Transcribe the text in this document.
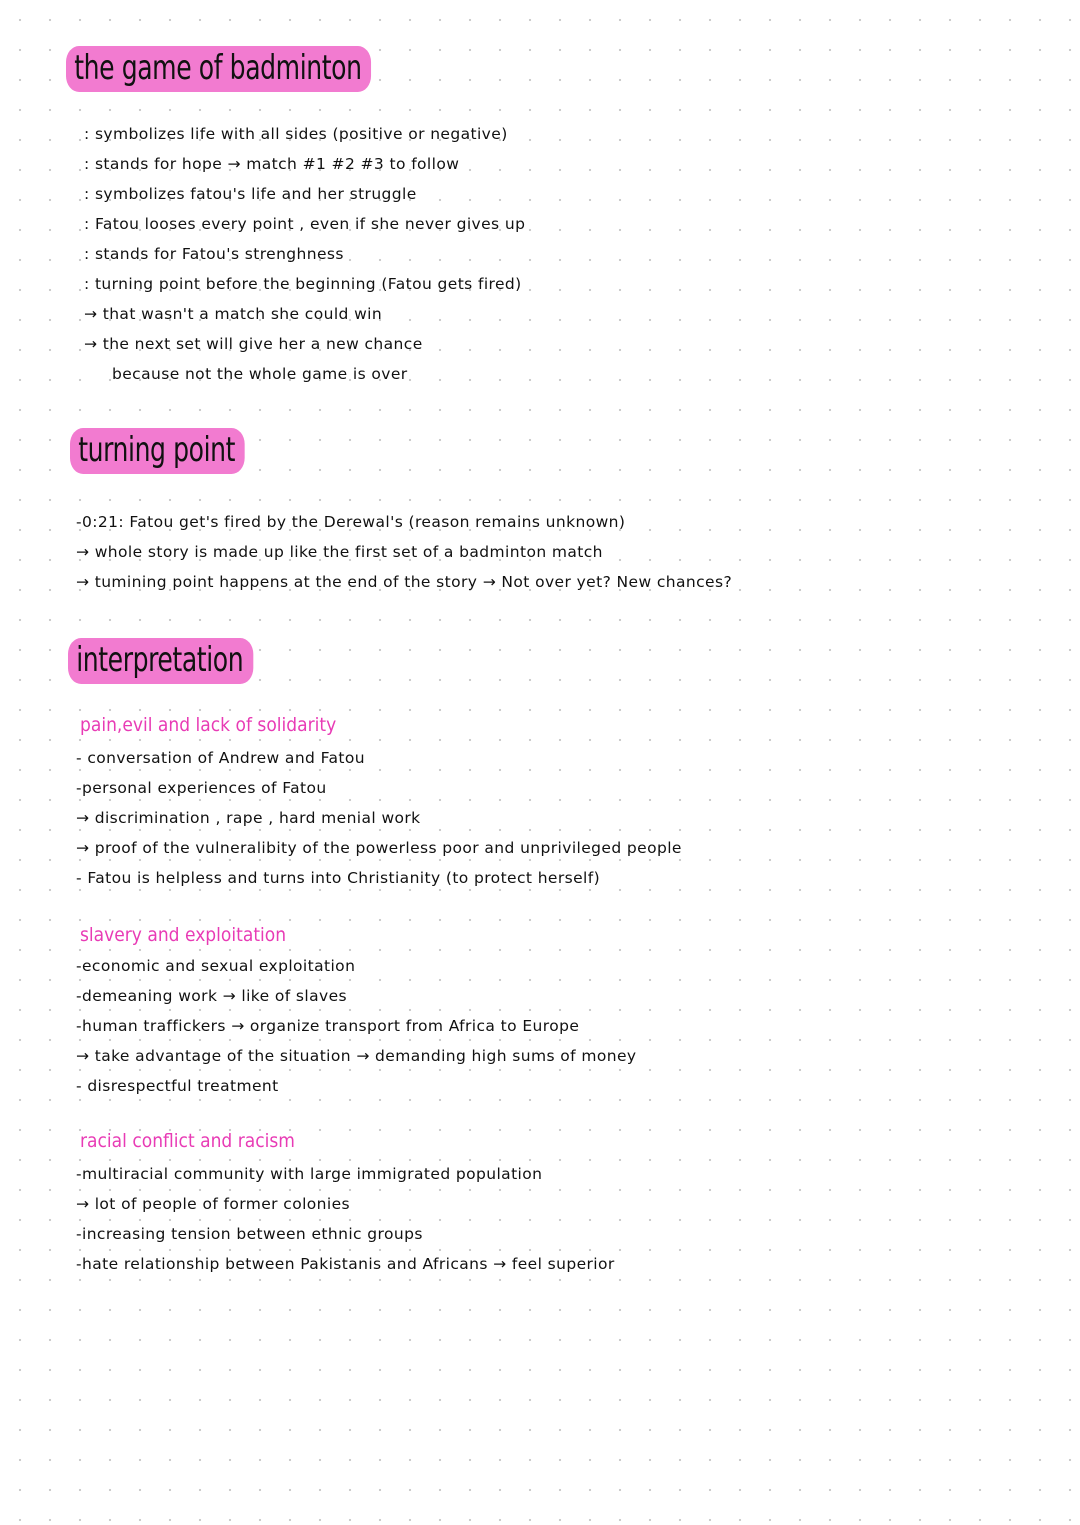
the game of badminton
: symbolizes life with all sides (positive or negative)
: stands for hope → match #1 #2 #3 to follow
: symbolizes fatou's life and her struggle
: Fatou looses every point , even if she never gives up
: stands for Fatou's strenghness
: turning point before the beginning (Fatou gets fired)
→ that wasn't a match she could win
→ the next set will give her a new chance
because not the whole game is over
turning point
-0:21: Fatou get's fired by the Derewal's (reason remains unknown)
→ whole story is made up like the first set of a badminton match
→ tumining point happens at the end of the story → Not over yet? New chances?
interpretation
pain,evil and lack of solidarity
- conversation of Andrew and Fatou
-personal experiences of Fatou
→ discrimination , rape , hard menial work
→ proof of the vulneralibity of the powerless poor and unprivileged people
- Fatou is helpless and turns into Christianity (to protect herself)
slavery and exploitation
-economic and sexual exploitation
-demeaning work → like of slaves
-human traffickers → organize transport from Africa to Europe
→ take advantage of the situation → demanding high sums of money
- disrespectful treatment
racial conflict and racism
-multiracial community with large immigrated population
→ lot of people of former colonies
-increasing tension between ethnic groups
-hate relationship between Pakistanis and Africans → feel superior
